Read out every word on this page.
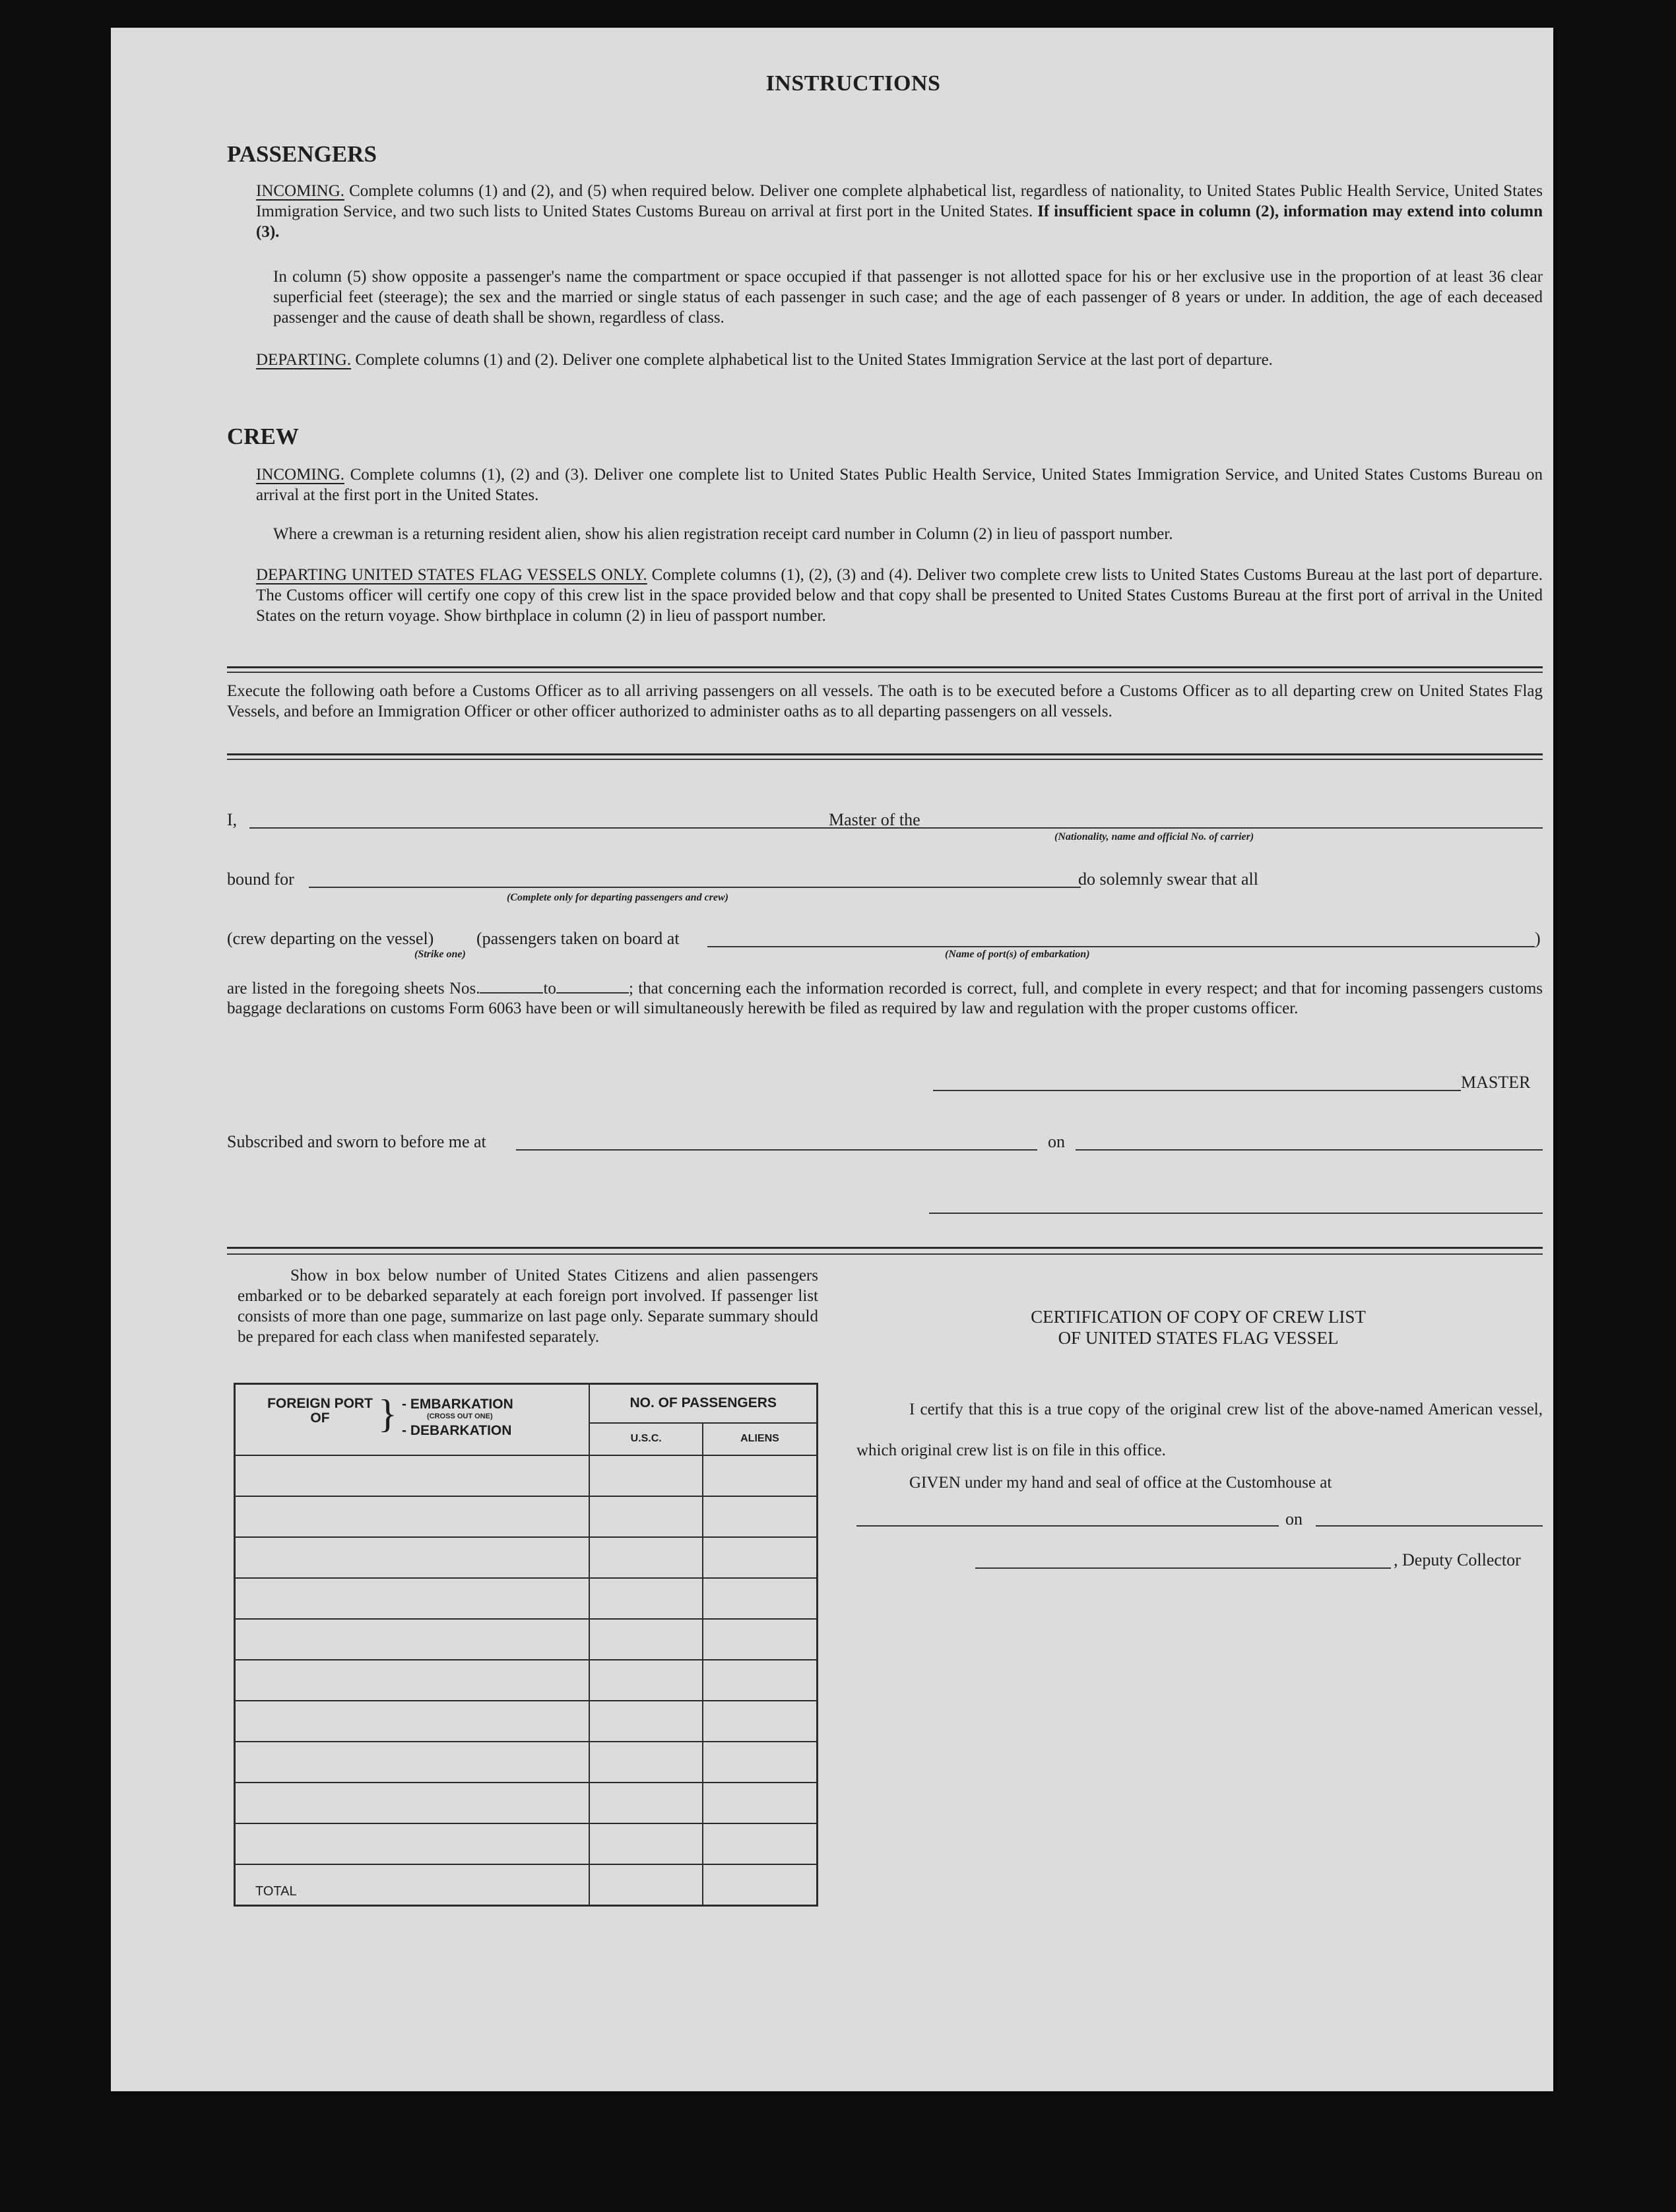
INSTRUCTIONS
PASSENGERS
INCOMING. Complete columns (1) and (2), and (5) when required below. Deliver one complete alphabetical list, regardless of nationality, to United States Public Health Service, United States Immigration Service, and two such lists to United States Customs Bureau on arrival at first port in the United States. If insufficient space in column (2), information may extend into column (3).
In column (5) show opposite a passenger's name the compartment or space occupied if that passenger is not allotted space for his or her exclusive use in the proportion of at least 36 clear superficial feet (steerage); the sex and the married or single status of each passenger in such case; and the age of each passenger of 8 years or under. In addition, the age of each deceased passenger and the cause of death shall be shown, regardless of class.
DEPARTING. Complete columns (1) and (2). Deliver one complete alphabetical list to the United States Immigration Service at the last port of departure.
CREW
INCOMING. Complete columns (1), (2) and (3). Deliver one complete list to United States Public Health Service, United States Immigration Service, and United States Customs Bureau on arrival at the first port in the United States.
Where a crewman is a returning resident alien, show his alien registration receipt card number in Column (2) in lieu of passport number.
DEPARTING UNITED STATES FLAG VESSELS ONLY. Complete columns (1), (2), (3) and (4). Deliver two complete crew lists to United States Customs Bureau at the last port of departure. The Customs officer will certify one copy of this crew list in the space provided below and that copy shall be presented to United States Customs Bureau at the first port of arrival in the United States on the return voyage. Show birthplace in column (2) in lieu of passport number.
Execute the following oath before a Customs Officer as to all arriving passengers on all vessels. The oath is to be executed before a Customs Officer as to all departing crew on United States Flag Vessels, and before an Immigration Officer or other officer authorized to administer oaths as to all departing passengers on all vessels.
I,	Master of the
(Nationality, name and official No. of carrier)
bound for
(Complete only for departing passengers and crew)
do solemnly swear that all
(crew departing on the vessel) (passengers taken on board at	)
(Strike one)	(Name of port(s) of embarkation)
are listed in the foregoing sheets Nos.	to	; that concerning each the information recorded is correct, full, and complete in every respect; and that for incoming passengers customs baggage declarations on customs Form 6063 have been or will simultaneously herewith be filed as required by law and regulation with the proper customs officer.
MASTER
Subscribed and sworn to before me at	on
Show in box below number of United States Citizens and alien passengers embarked or to be debarked separately at each foreign port involved. If passenger list consists of more than one page, summarize on last page only. Separate summary should be prepared for each class when manifested separately.
FOREIGN PORT OF } - EMBARKATION
(CROSS OUT ONE)
- DEBARKATION	NO. OF PASSENGERS	
	U.S.C.	ALIENS

TOTAL		
CERTIFICATION OF COPY OF CREW LIST
OF UNITED STATES FLAG VESSEL
I certify that this is a true copy of the original crew list of the above-named American vessel, which original crew list is on file in this office.
GIVEN under my hand and seal of office at the Customhouse at
on
, Deputy Collector
